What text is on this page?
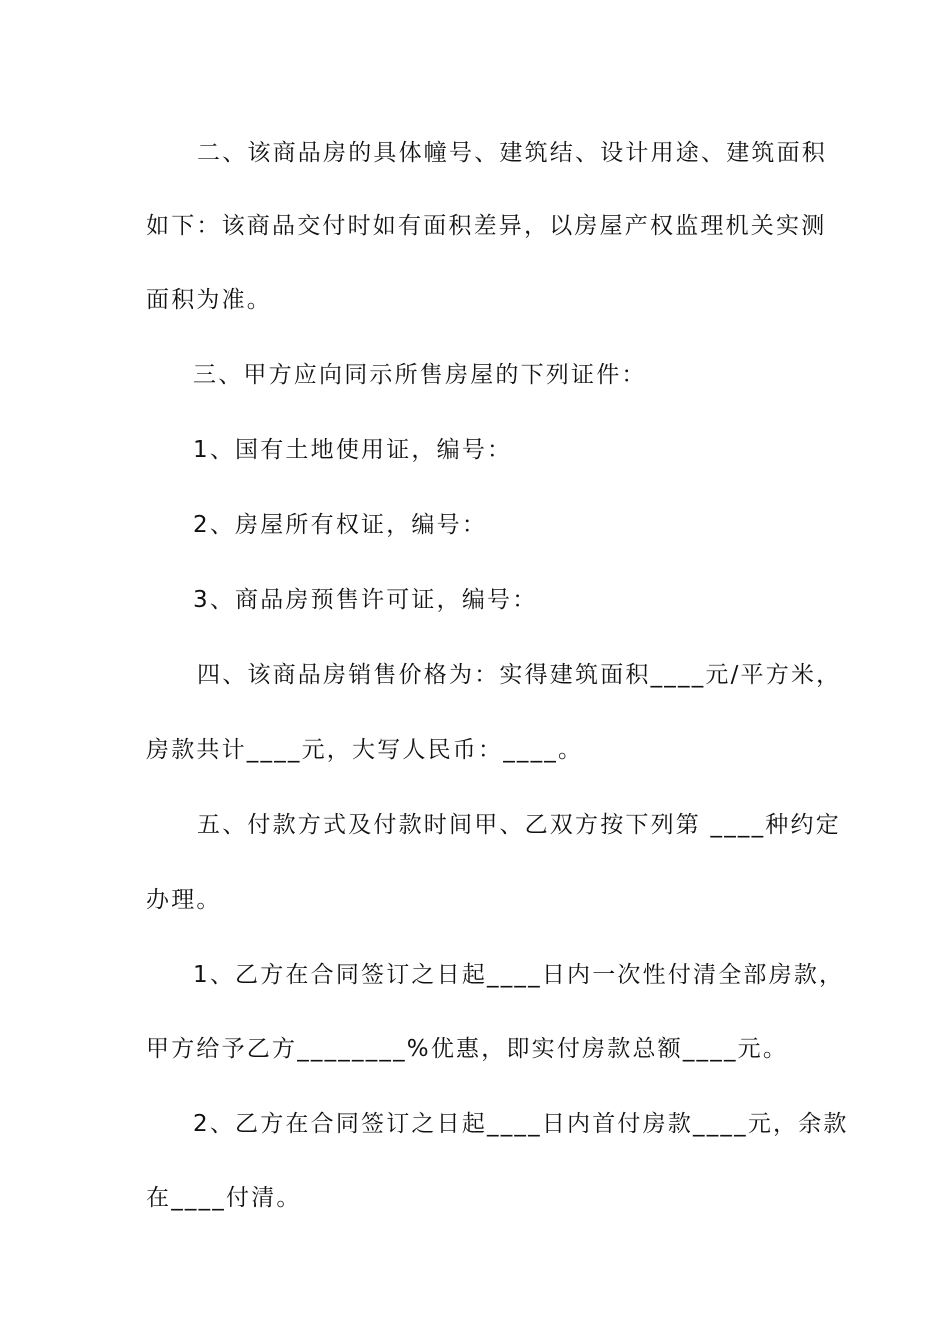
二、该商品房的具体幢号、建筑结、设计用途、建筑面积
如下：该商品交付时如有面积差异，以房屋产权监理机关实测
面积为准。
三、甲方应向同示所售房屋的下列证件：
1、国有土地使用证，编号：
2、房屋所有权证，编号：
3、商品房预售许可证，编号：
四、该商品房销售价格为：实得建筑面积____元/平方米，
房款共计____元，大写人民币：____。
五、付款方式及付款时间甲、乙双方按下列第 ____种约定
办理。
1、乙方在合同签订之日起____日内一次性付清全部房款，
甲方给予乙方________%优惠，即实付房款总额____元。
2、乙方在合同签订之日起____日内首付房款____元，余款
在____付清。
